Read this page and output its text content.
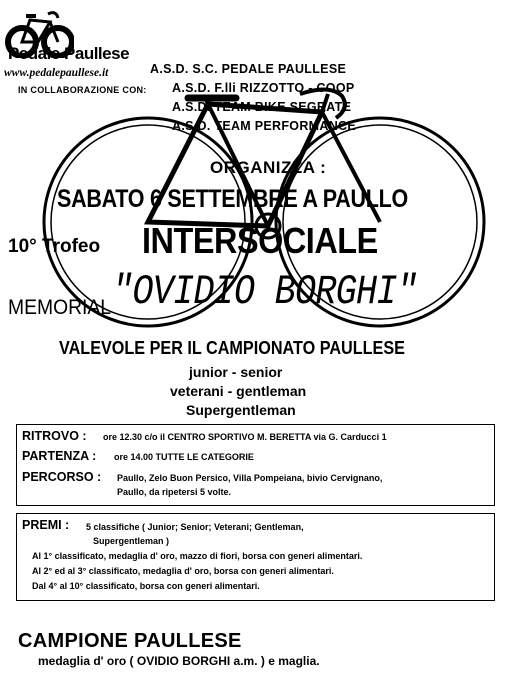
Pedale Paullese
www.pedalepaullese.it	A.S.D. S.C. PEDALE PAULLESE
IN COLLABORAZIONE CON: A.S.D. F.lli RIZZOTTO - COOP
A.S.D. TEAM BIKE SEGRATE
A.S.D. TEAM PERFORMANCE
ORGANIZZA :
SABATO 6 SETTEMBRE A PAULLO
10° Trofeo INTERSOCIALE
MEMORIAL "OVIDIO BORGHI"
VALEVOLE PER IL CAMPIONATO PAULLESE
junior - senior
veterani - gentleman
Supergentleman
RITROVO : ore 12.30 c/o il CENTRO SPORTIVO M. BERETTA via G. Carducci 1
PARTENZA : ore 14.00 TUTTE LE CATEGORIE
PERCORSO : Paullo, Zelo Buon Persico, Villa Pompeiana, bivio Cervignano,
Paullo, da ripetersi 5 volte.
PREMI : 5 classifiche ( Junior; Senior; Veterani; Gentleman,
Supergentleman )
Al 1° classificato, medaglia d' oro, mazzo di fiori, borsa con generi alimentari.
Al 2° ed al 3° classificato, medaglia d' oro, borsa con generi alimentari.
Dal 4° al 10° classificato, borsa con generi alimentari.
CAMPIONE PAULLESE
medaglia d' oro ( OVIDIO BORGHI a.m. ) e maglia.
